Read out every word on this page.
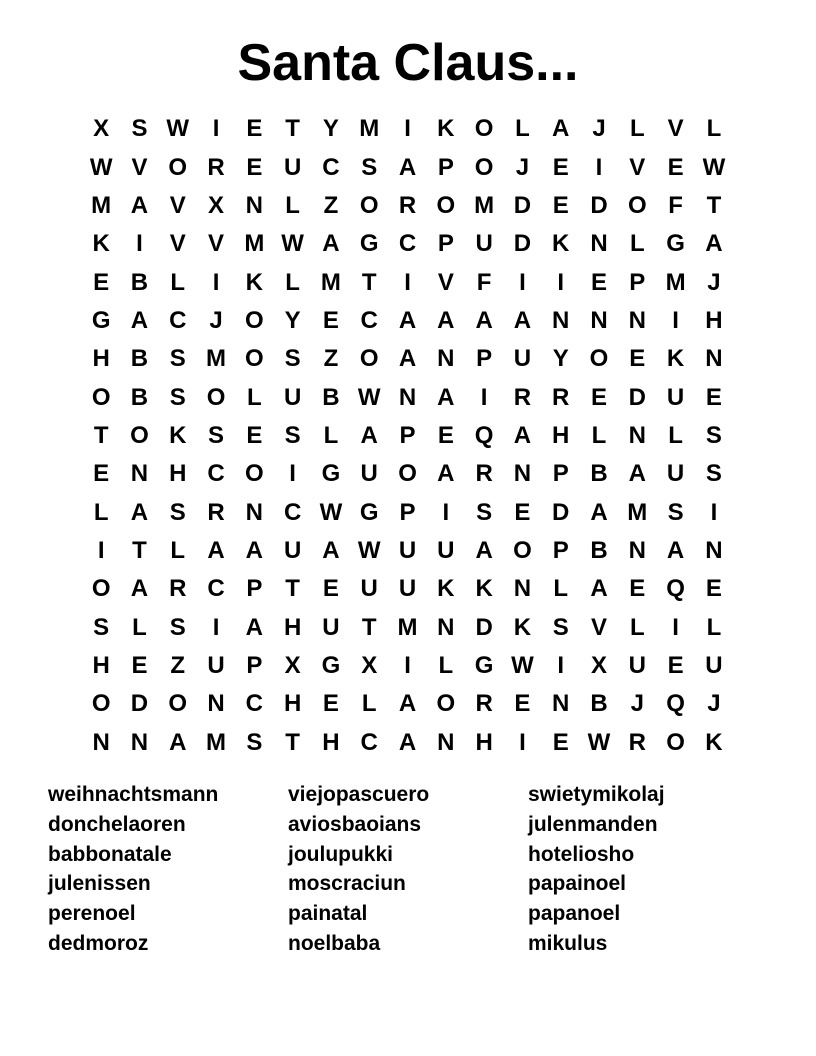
Santa Claus...
X S W I	E T Y M	I	K O L A J	L V L
W V O R E U C S A P O J E	I	V E W
M A V X N L Z O R O M D E D O F T
K	I	V V M W A G C P U D K N L G A
E B L	I	K L M T	I	V F	I	I	E P M J
G A C J O Y E C A A A A N N N	I	H
H B S M O S Z O A N P U Y O E K N
O B S O L U B W N A	I	R R E D U E
T O K S E S L A P E Q A H L N L S
E N H C O	I	G U O A R N P B A U S
L A S R N C W G P	I	S E D A M S	I
I	T L A A U A W U U A O P B N A N
O A R C P T E U U K K N L A E Q E
S L S	I	A H U T M N D K S V L	I	L
H E Z U P X G X	I	L G W I	X U E U
O D O N C H E L A O R E N B J Q J
N N A M S T H C A N H	I	E W R O K
weihnachtsmann
donchelaoren
babbonatale
julenissen
perenoel
dedmoroz
viejopascuero
aviosbaoians
joulupukki
moscraciun
painatal
noelbaba
swietymikolaj
julenmanden
hoteliosho
papainoel
papanoel
mikulus
